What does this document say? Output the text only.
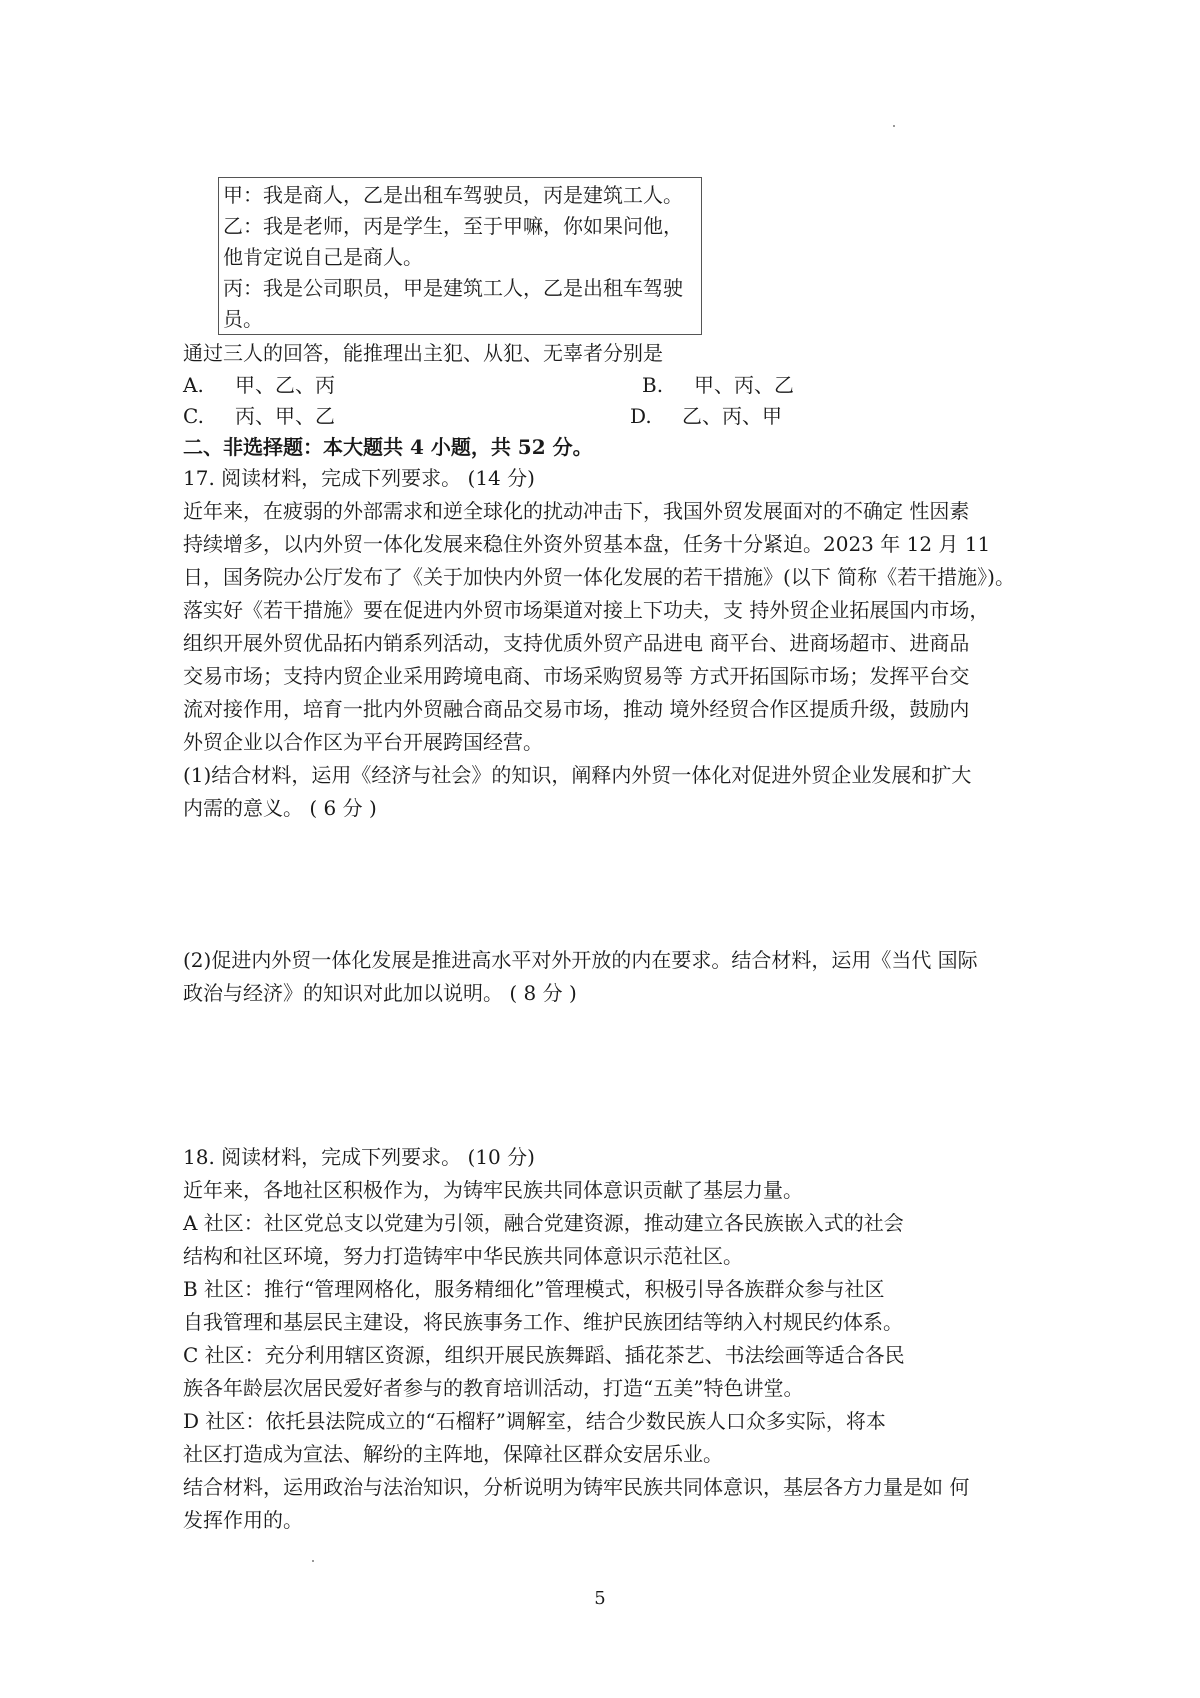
甲：我是商人，乙是出租车驾驶员，丙是建筑工人。
乙：我是老师，丙是学生，至于甲嘛，你如果问他，
他肯定说自己是商人。
丙：我是公司职员，甲是建筑工人，乙是出租车驾驶
员。
通过三人的回答，能推理出主犯、从犯、无辜者分别是
A. 甲、乙、丙	B. 甲、丙、乙
C. 丙、甲、乙	D. 乙、丙、甲
二、非选择题：本大题共 4 小题，共 52 分。
17. 阅读材料，完成下列要求。 (14 分)
近年来，在疲弱的外部需求和逆全球化的扰动冲击下，我国外贸发展面对的不确定 性因素
持续增多，以内外贸一体化发展来稳住外资外贸基本盘，任务十分紧迫。2023 年 12 月 11
日，国务院办公厅发布了《关于加快内外贸一体化发展的若干措施》(以下 简称《若干措施》)。
落实好《若干措施》要在促进内外贸市场渠道对接上下功夫，支 持外贸企业拓展国内市场，
组织开展外贸优品拓内销系列活动，支持优质外贸产品进电 商平台、进商场超市、进商品
交易市场；支持内贸企业采用跨境电商、市场采购贸易等 方式开拓国际市场；发挥平台交
流对接作用，培育一批内外贸融合商品交易市场，推动 境外经贸合作区提质升级，鼓励内
外贸企业以合作区为平台开展跨国经营。
(1)结合材料，运用《经济与社会》的知识，阐释内外贸一体化对促进外贸企业发展和扩大
内需的意义。 ( 6 分 )
(2)促进内外贸一体化发展是推进高水平对外开放的内在要求。结合材料，运用《当代 国际
政治与经济》的知识对此加以说明。 ( 8 分 )
18. 阅读材料，完成下列要求。 (10 分)
近年来，各地社区积极作为，为铸牢民族共同体意识贡献了基层力量。
A 社区：社区党总支以党建为引领，融合党建资源，推动建立各民族嵌入式的社会
结构和社区环境，努力打造铸牢中华民族共同体意识示范社区。
B 社区：推行“管理网格化，服务精细化”管理模式，积极引导各族群众参与社区
自我管理和基层民主建设，将民族事务工作、维护民族团结等纳入村规民约体系。
C 社区：充分利用辖区资源，组织开展民族舞蹈、插花茶艺、书法绘画等适合各民
族各年龄层次居民爱好者参与的教育培训活动，打造“五美”特色讲堂。
D 社区：依托县法院成立的“石榴籽”调解室，结合少数民族人口众多实际，将本
社区打造成为宣法、解纷的主阵地，保障社区群众安居乐业。
结合材料，运用政治与法治知识，分析说明为铸牢民族共同体意识，基层各方力量是如 何
发挥作用的。
5
